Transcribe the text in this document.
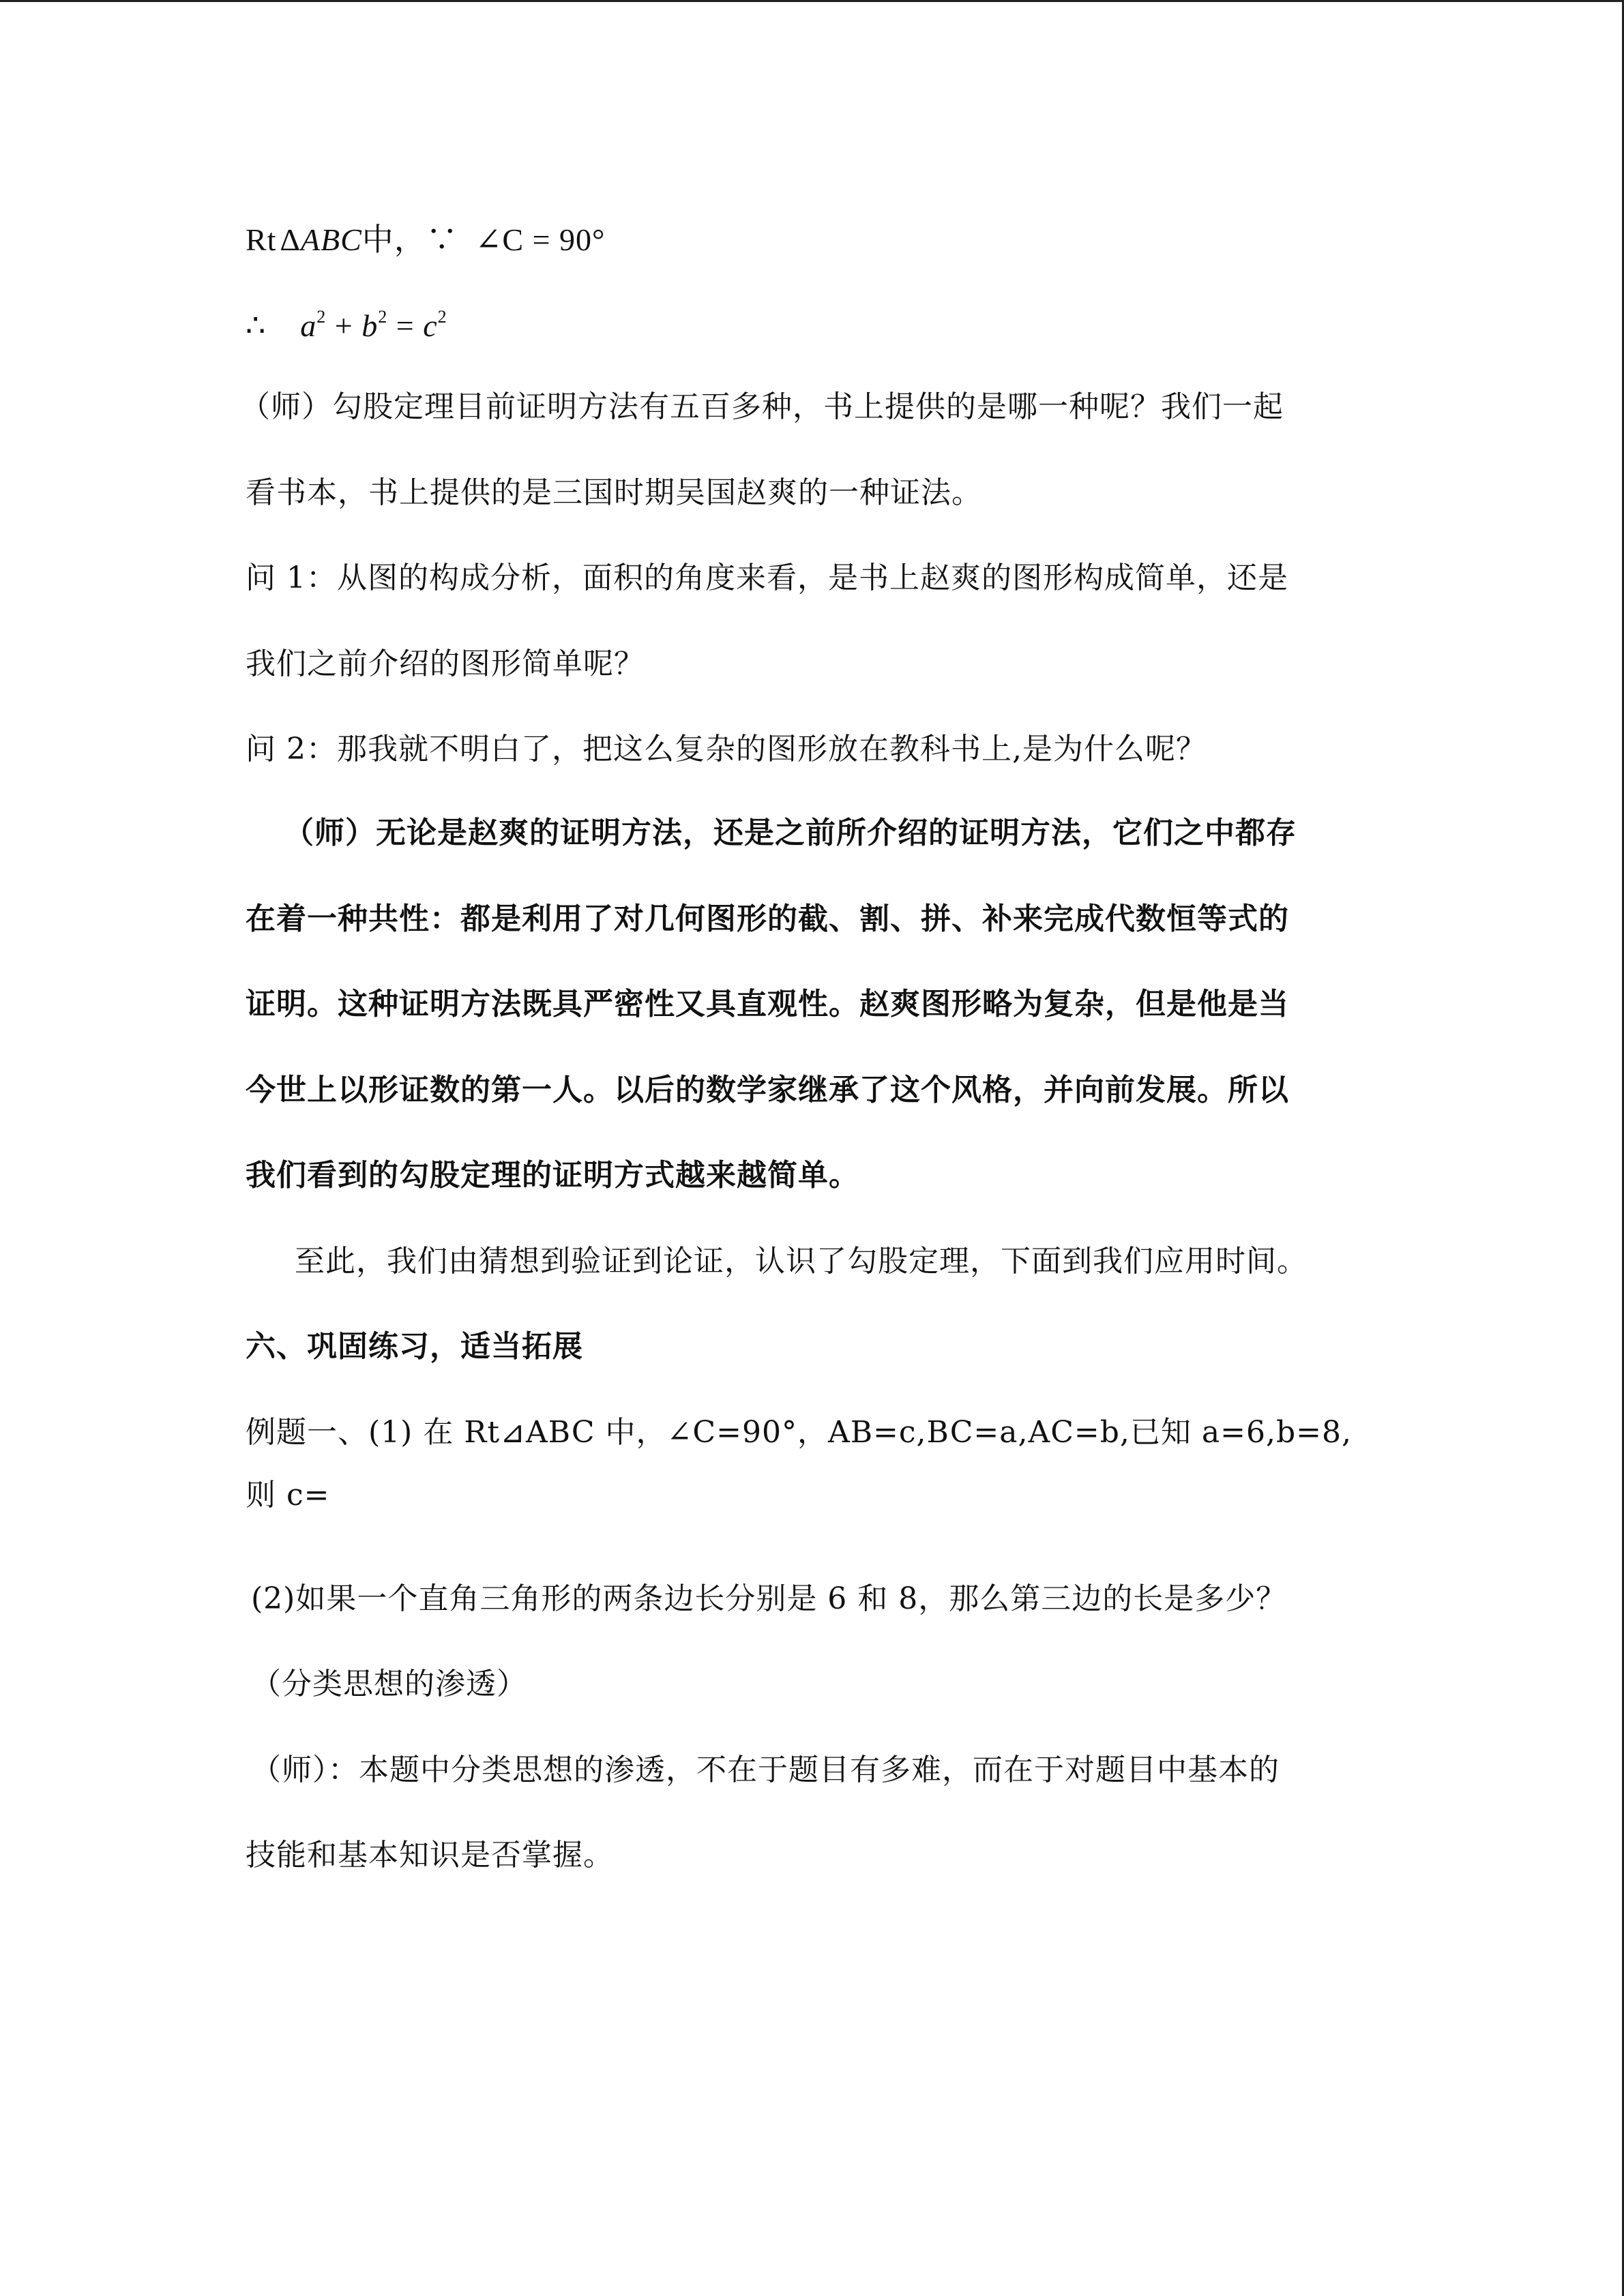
Rt  ΔABC中，∵ ∠C = 90°
∴ $a^2 + b^2 = c^2$
（师）勾股定理目前证明方法有五百多种，书上提供的是哪一种呢？我们一起
看书本，书上提供的是三国时期吴国赵爽的一种证法。
问 1：从图的构成分析，面积的角度来看，是书上赵爽的图形构成简单，还是
我们之前介绍的图形简单呢？
问 2：那我就不明白了，把这么复杂的图形放在教科书上,是为什么呢？
（师）无论是赵爽的证明方法，还是之前所介绍的证明方法，它们之中都存
在着一种共性：都是利用了对几何图形的截、割、拼、补来完成代数恒等式的
证明。这种证明方法既具严密性又具直观性。赵爽图形略为复杂，但是他是当
今世上以形证数的第一人。以后的数学家继承了这个风格，并向前发展。所以
我们看到的勾股定理的证明方式越来越简单。
至此，我们由猜想到验证到论证，认识了勾股定理，下面到我们应用时间。
六、巩固练习，适当拓展
例题一、(1) 在 Rt⊿ABC 中，∠C=90°，AB=c,BC=a,AC=b,已知 a=6,b=8,
则 c=
(2)如果一个直角三角形的两条边长分别是 6 和 8，那么第三边的长是多少？
（分类思想的渗透）
（师）：本题中分类思想的渗透，不在于题目有多难，而在于对题目中基本的
技能和基本知识是否掌握。
